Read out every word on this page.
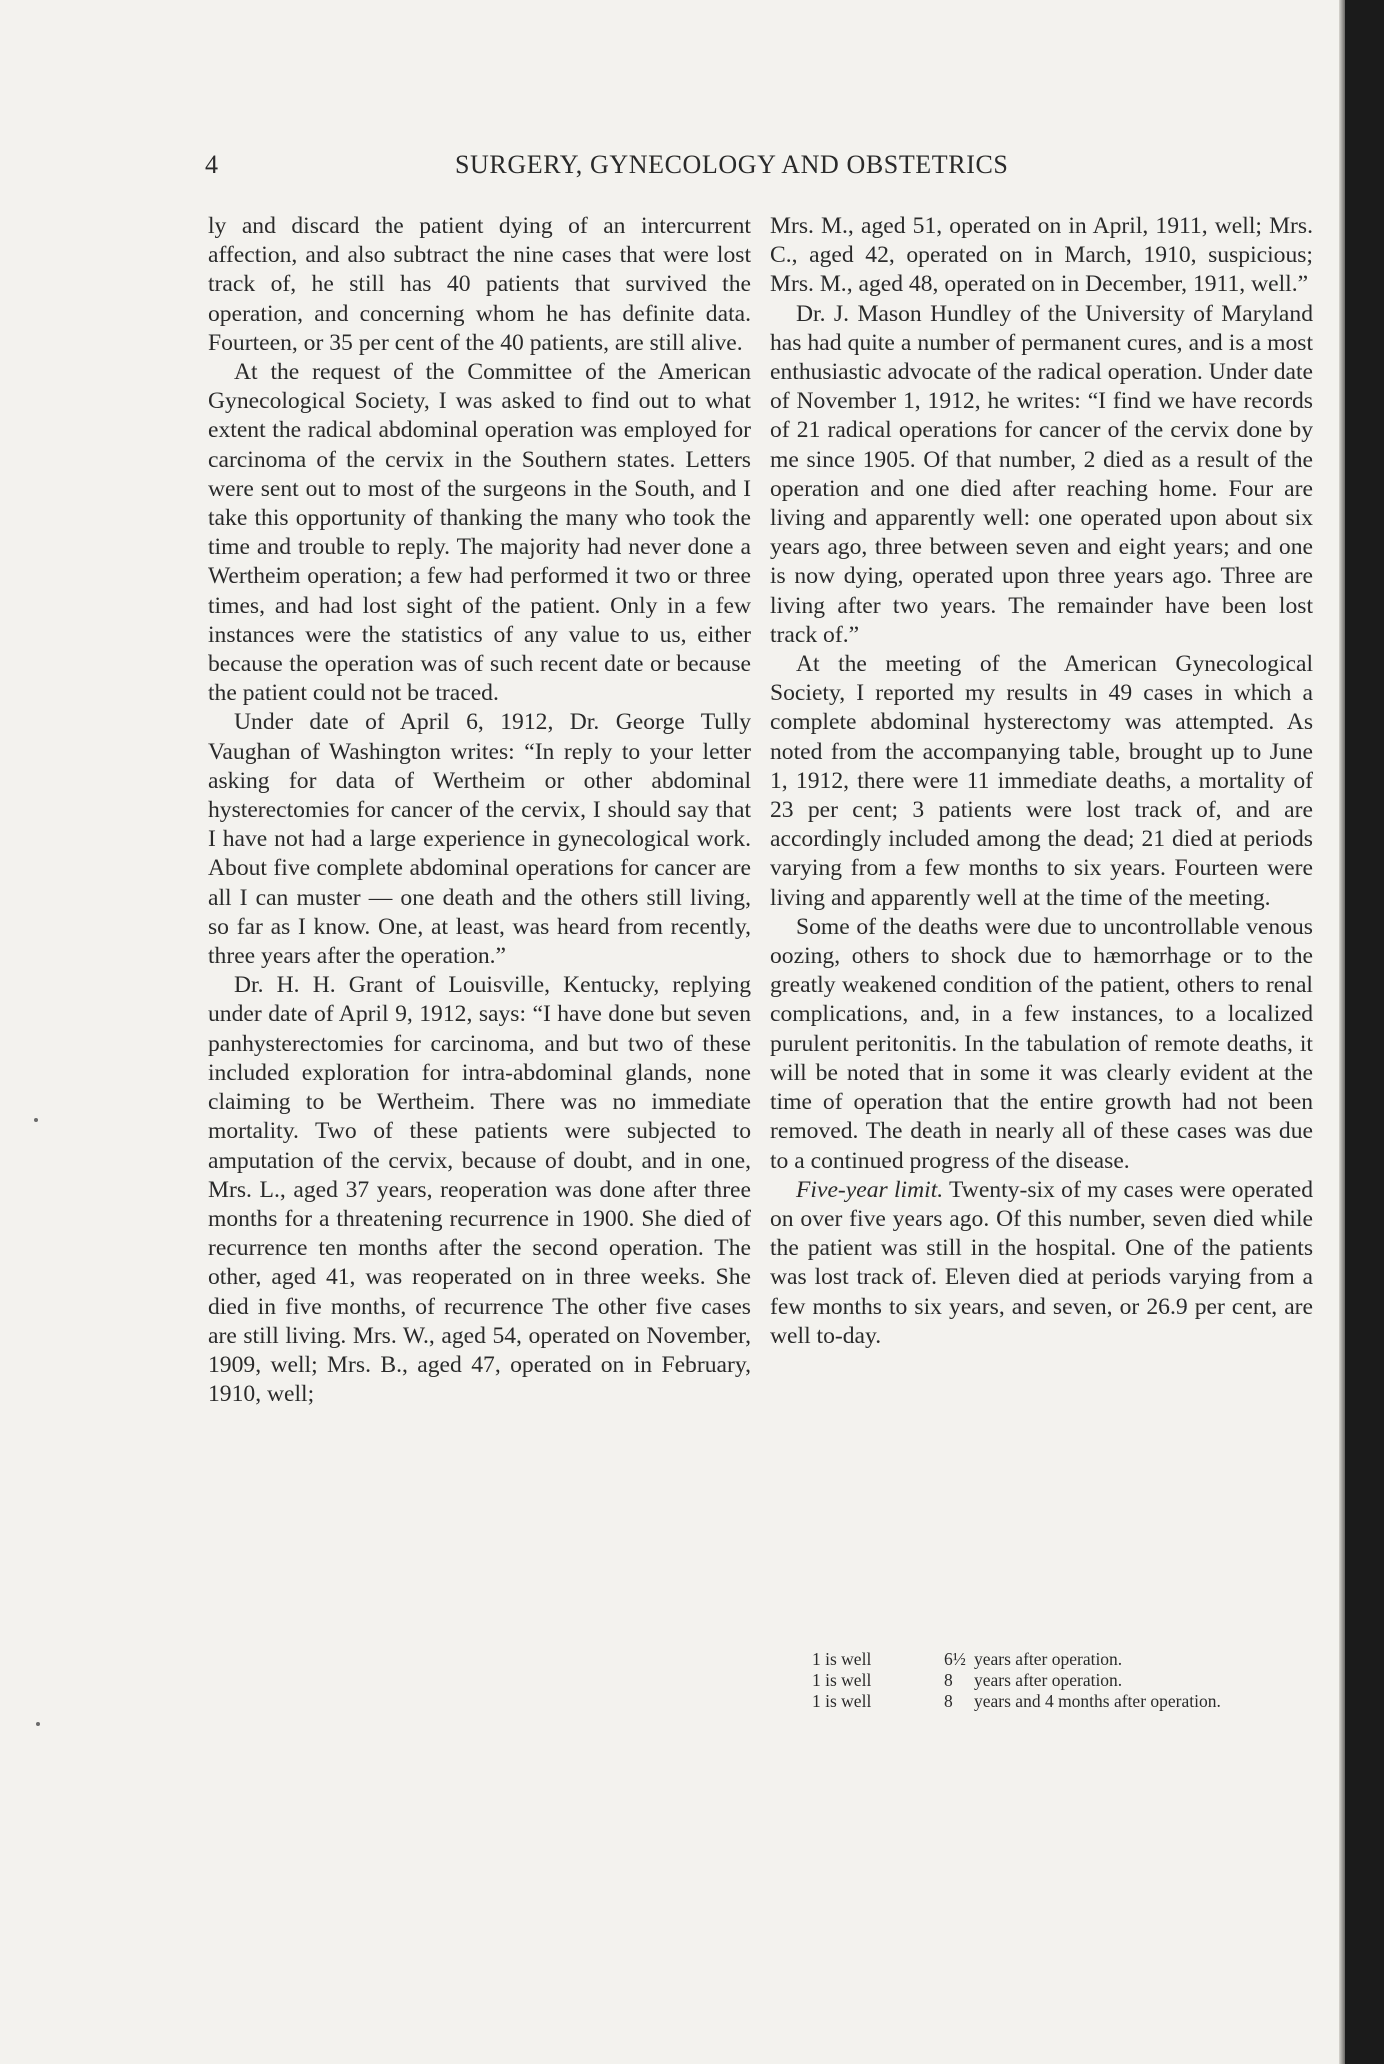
4	SURGERY, GYNECOLOGY AND OBSTETRICS

ly and discard the patient dying of an intercurrent affection, and also subtract the nine cases that were lost track of, he still has 40 patients that survived the operation, and concerning whom he has definite data. Fourteen, or 35 per cent of the 40 patients, are still alive.

At the request of the Committee of the American Gynecological Society, I was asked to find out to what extent the radical abdominal operation was employed for carcinoma of the cervix in the Southern states. Letters were sent out to most of the surgeons in the South, and I take this opportunity of thanking the many who took the time and trouble to reply. The majority had never done a Wertheim operation; a few had performed it two or three times, and had lost sight of the patient. Only in a few instances were the statistics of any value to us, either because the operation was of such recent date or because the patient could not be traced.

Under date of April 6, 1912, Dr. George Tully Vaughan of Washington writes: “In reply to your letter asking for data of Wertheim or other abdominal hysterectomies for cancer of the cervix, I should say that I have not had a large experience in gynecological work. About five complete abdominal operations for cancer are all I can muster — one death and the others still living, so far as I know. One, at least, was heard from recently, three years after the operation.”

Dr. H. H. Grant of Louisville, Kentucky, replying under date of April 9, 1912, says: “I have done but seven panhysterectomies for carcinoma, and but two of these included exploration for intra-abdominal glands, none claiming to be Wertheim. There was no immediate mortality. Two of these patients were subjected to amputation of the cervix, because of doubt, and in one, Mrs. L., aged 37 years, reoperation was done after three months for a threatening recurrence in 1900. She died of recurrence ten months after the second operation. The other, aged 41, was reoperated on in three weeks. She died in five months, of recurrence The other five cases are still living. Mrs. W., aged 54, operated on November, 1909, well; Mrs. B., aged 47, operated on in February, 1910, well;

Mrs. M., aged 51, operated on in April, 1911, well; Mrs. C., aged 42, operated on in March, 1910, suspicious; Mrs. M., aged 48, operated on in December, 1911, well.”

Dr. J. Mason Hundley of the University of Maryland has had quite a number of permanent cures, and is a most enthusiastic advocate of the radical operation. Under date of November 1, 1912, he writes: “I find we have records of 21 radical operations for cancer of the cervix done by me since 1905. Of that number, 2 died as a result of the operation and one died after reaching home. Four are living and apparently well: one operated upon about six years ago, three between seven and eight years; and one is now dying, operated upon three years ago. Three are living after two years. The remainder have been lost track of.”

At the meeting of the American Gynecological Society, I reported my results in 49 cases in which a complete abdominal hysterectomy was attempted. As noted from the accompanying table, brought up to June 1, 1912, there were 11 immediate deaths, a mortality of 23 per cent; 3 patients were lost track of, and are accordingly included among the dead; 21 died at periods varying from a few months to six years. Fourteen were living and apparently well at the time of the meeting.

Some of the deaths were due to uncontrollable venous oozing, others to shock due to hæmorrhage or to the greatly weakened condition of the patient, others to renal complications, and, in a few instances, to a localized purulent peritonitis. In the tabulation of remote deaths, it will be noted that in some it was clearly evident at the time of operation that the entire growth had not been removed. The death in nearly all of these cases was due to a continued progress of the disease.

Five-year limit. Twenty-six of my cases were operated on over five years ago. Of this number, seven died while the patient was still in the hospital. One of the patients was lost track of. Eleven died at periods varying from a few months to six years, and seven, or 26.9 per cent, are well to-day.

1 is well	6½ years after operation.
1 is well	8	years after operation.
1 is well	8	years and 4 months after operation.
